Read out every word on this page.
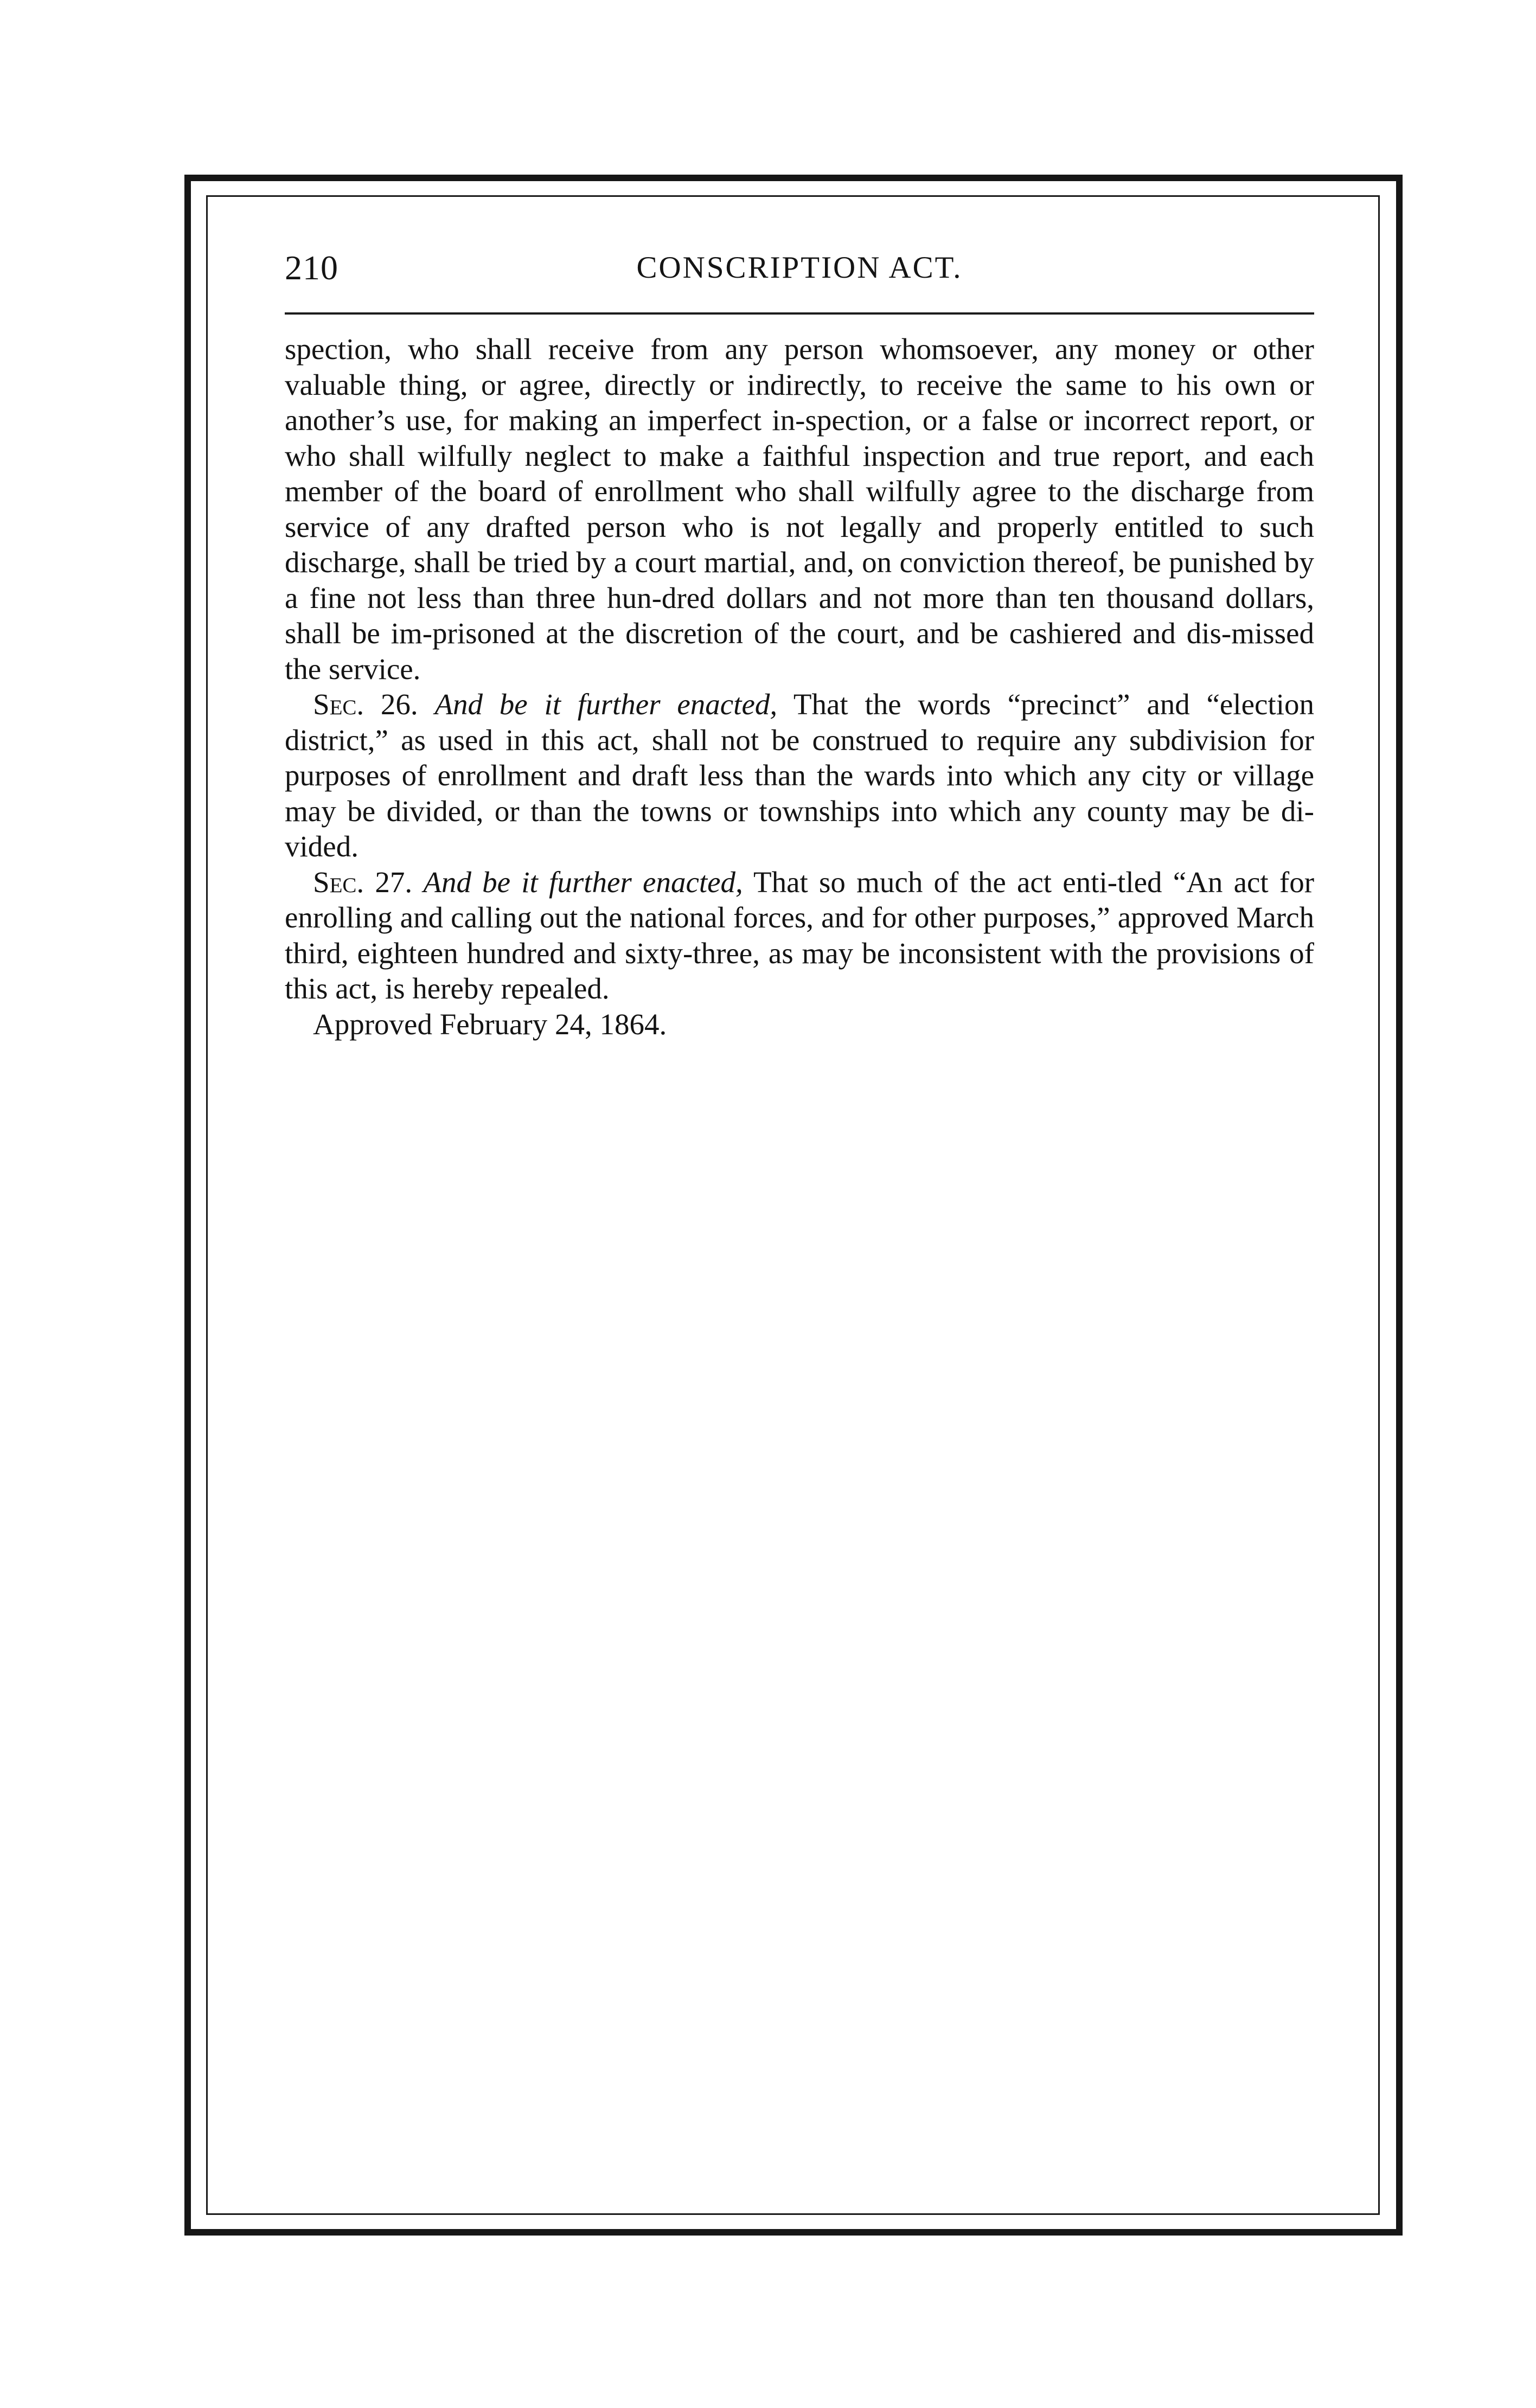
210	CONSCRIPTION ACT.

spection, who shall receive from any person whomsoever, any money or other valuable thing, or agree, directly or indirectly, to receive the same to his own or another’s use, for making an imperfect in-spection, or a false or incorrect report, or who shall wilfully neglect to make a faithful inspection and true report, and each member of the board of enrollment who shall wilfully agree to the discharge from service of any drafted person who is not legally and properly entitled to such discharge, shall be tried by a court martial, and, on conviction thereof, be punished by a fine not less than three hun-dred dollars and not more than ten thousand dollars, shall be im-prisoned at the discretion of the court, and be cashiered and dis-missed the service.

Sec. 26. And be it further enacted, That the words “precinct” and “election district,” as used in this act, shall not be construed to require any subdivision for purposes of enrollment and draft less than the wards into which any city or village may be divided, or than the towns or townships into which any county may be di-vided.

Sec. 27. And be it further enacted, That so much of the act enti-tled “An act for enrolling and calling out the national forces, and for other purposes,” approved March third, eighteen hundred and sixty-three, as may be inconsistent with the provisions of this act, is hereby repealed.

Approved February 24, 1864.
